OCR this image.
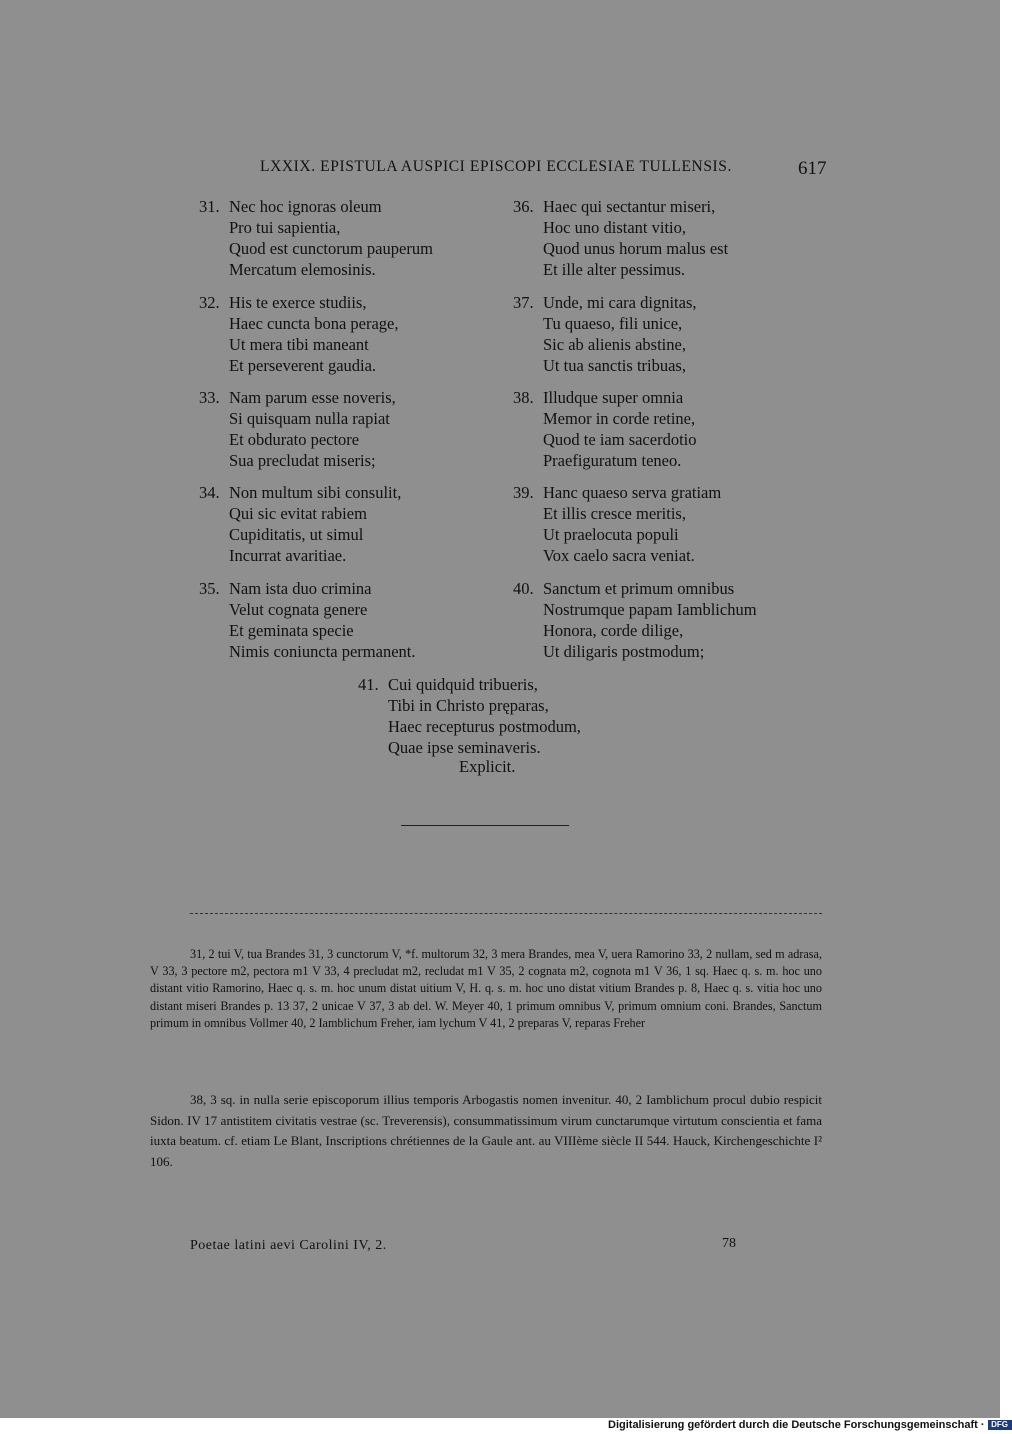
LXXIX. EPISTULA AUSPICI EPISCOPI ECCLESIAE TULLENSIS.	617
31. Nec hoc ignoras oleum
Pro tui sapientia,
Quod est cunctorum pauperum
Mercatum elemosinis.
32. His te exerce studiis,
Haec cuncta bona perage,
Ut mera tibi maneant
Et perseverent gaudia.
33. Nam parum esse noveris,
Si quisquam nulla rapiat
Et obdurato pectore
Sua precludat miseris;
34. Non multum sibi consulit,
Qui sic evitat rabiem
Cupiditatis, ut simul
Incurrat avaritiae.
35. Nam ista duo crimina
Velut cognata genere
Et geminata specie
Nimis coniuncta permanent.
36. Haec qui sectantur miseri,
Hoc uno distant vitio,
Quod unus horum malus est
Et ille alter pessimus.
37. Unde, mi cara dignitas,
Tu quaeso, fili unice,
Sic ab alienis abstine,
Ut tua sanctis tribuas,
38. Illudque super omnia
Memor in corde retine,
Quod te iam sacerdotio
Praefiguratum teneo.
39. Hanc quaeso serva gratiam
Et illis cresce meritis,
Ut praelocuta populi
Vox caelo sacra veniat.
40. Sanctum et primum omnibus
Nostrumque papam Iamblichum
Honora, corde dilige,
Ut diligaris postmodum;
41. Cui quidquid tribueris,
Tibi in Christo pręparas,
Haec recepturus postmodum,
Quae ipse seminaveris.
Explicit.
31, 2 tui V, tua Brandes 31, 3 cunctorum V, *f. multorum 32, 3 mera Brandes, mea V, uera Ramorino 33, 2 nullam, sed m adrasa, V 33, 3 pectore m2, pectora m1 V 33, 4 precludat m2, recludat m1 V 35, 2 cognata m2, cognota m1 V 36, 1 sq. Haec q. s. m. hoc uno distant vitio Ramorino, Haec q. s. m. hoc unum distat uitium V, H. q. s. m. hoc uno distat vitium Brandes p. 8, Haec q. s. vitia hoc uno distant miseri Brandes p. 13 37, 2 unicae V 37, 3 ab del. W. Meyer 40, 1 primum omnibus V, primum omnium coni. Brandes, Sanctum primum in omnibus Vollmer 40, 2 Iamblichum Freher, iam lychum V 41, 2 preparas V, reparas Freher
38, 3 sq. in nulla serie episcoporum illius temporis Arbogastis nomen invenitur. 40, 2 Iamblichum procul dubio respicit Sidon. IV 17 antistitem civitatis vestrae (sc. Treverensis), consummatissimum virum cunctarumque virtutum conscientia et fama iuxta beatum. cf. etiam Le Blant, Inscriptions chrétiennes de la Gaule ant. au VIIIème siècle II 544. Hauck, Kirchengeschichte I² 106.
Poetae latini aevi Carolini IV, 2.	78
Digitalisierung gefördert durch die Deutsche Forschungsgemeinschaft · DFG
